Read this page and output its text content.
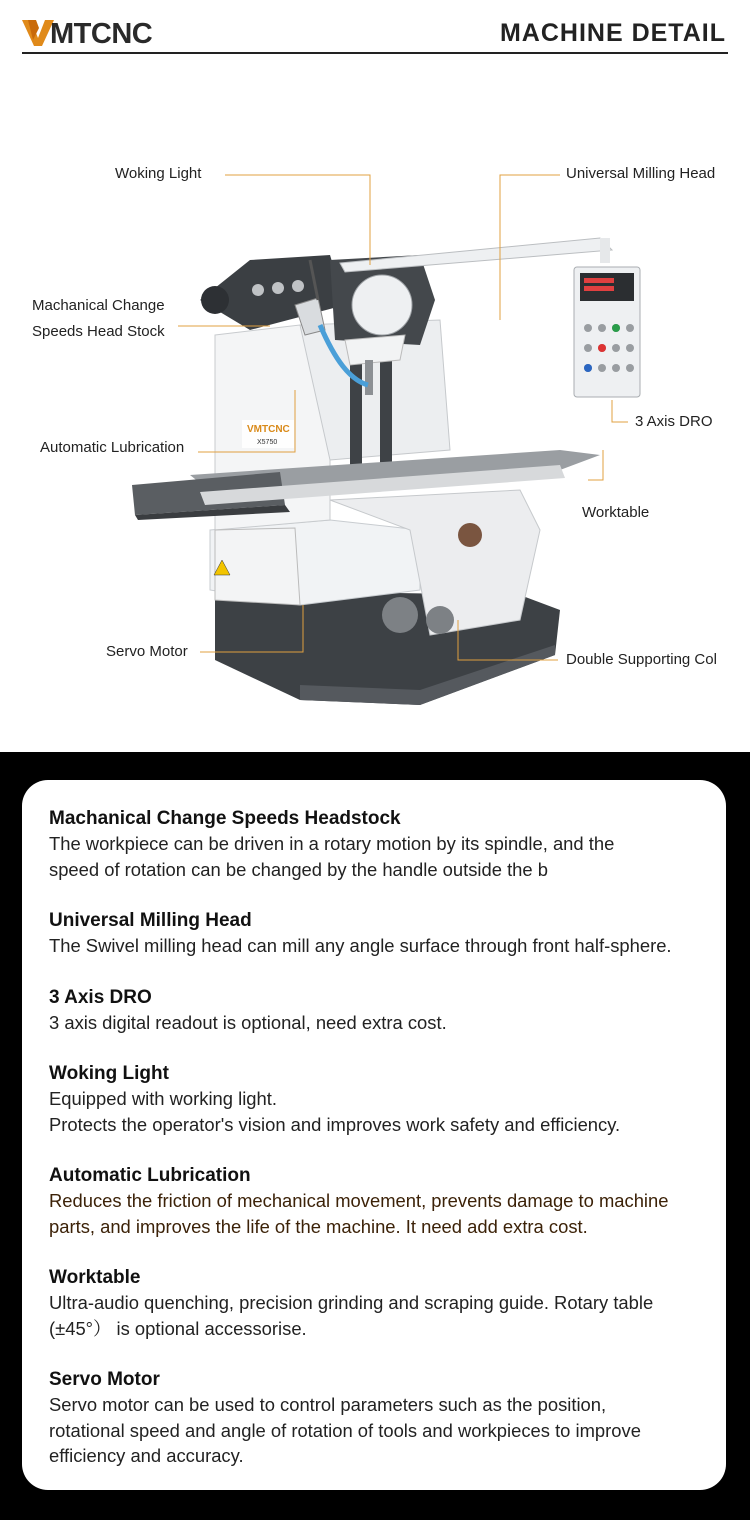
MTCNC	MACHINE DETAIL
VMTCNC
X5750
Woking Light	Universal Milling Head
Machanical Change
Speeds Head Stock
3 Axis DRO
Automatic Lubrication
Worktable
Servo Motor	Double Supporting Col
Machanical Change Speeds Headstock

The workpiece can be driven in a rotary motion by its spindle, and the

speed of rotation can be changed by the handle outside the b

Universal Milling Head

The Swivel milling head can mill any angle surface through front half-sphere.

3 Axis DRO

3 axis digital readout is optional, need extra cost.

Woking Light

Equipped with working light.

Protects the operator's vision and improves work safety and efficiency.

Automatic Lubrication

Reduces the friction of mechanical movement, prevents damage to machine

parts, and improves the life of the machine. It need add extra cost.

Worktable

Ultra-audio quenching, precision grinding and scraping guide. Rotary table

(±45°） is optional accessorise.

Servo Motor

Servo motor can be used to control parameters such as the position,

rotational speed and angle of rotation of tools and workpieces to improve

efficiency and accuracy.
